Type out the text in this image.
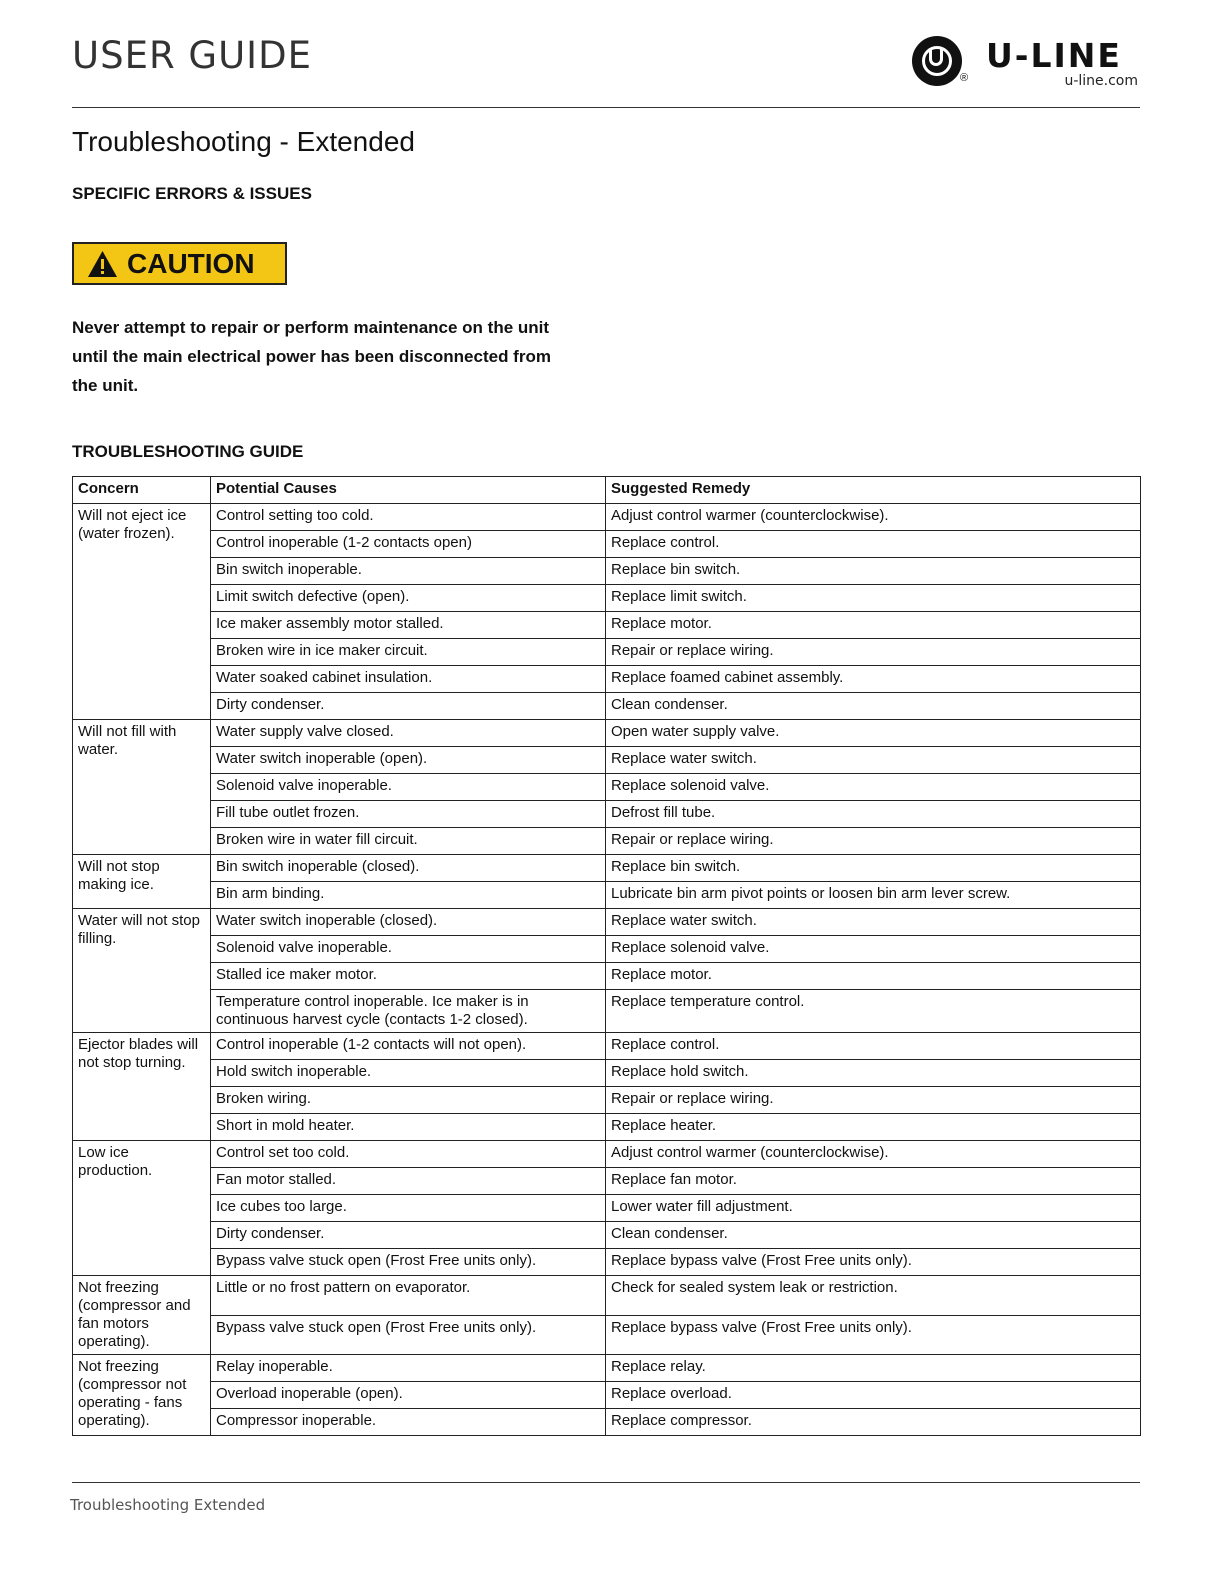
USER GUIDE
®
U-LINE
u-line.com
Troubleshooting - Extended
SPECIFIC ERRORS & ISSUES
CAUTION
Never attempt to repair or perform maintenance on the unit until the main electrical power has been disconnected from the unit.
TROUBLESHOOTING GUIDE
Concern	Potential Causes	Suggested Remedy
Will not eject ice (water frozen).	Control setting too cold.	Adjust control warmer (counterclockwise).
	Control inoperable (1-2 contacts open)	Replace control.
	Bin switch inoperable.	Replace bin switch.
	Limit switch defective (open).	Replace limit switch.
	Ice maker assembly motor stalled.	Replace motor.
	Broken wire in ice maker circuit.	Repair or replace wiring.
	Water soaked cabinet insulation.	Replace foamed cabinet assembly.
	Dirty condenser.	Clean condenser.
Will not fill with water.	Water supply valve closed.	Open water supply valve.
	Water switch inoperable (open).	Replace water switch.
	Solenoid valve inoperable.	Replace solenoid valve.
	Fill tube outlet frozen.	Defrost fill tube.
	Broken wire in water fill circuit.	Repair or replace wiring.
Will not stop making ice.	Bin switch inoperable (closed).	Replace bin switch.
	Bin arm binding.	Lubricate bin arm pivot points or loosen bin arm lever screw.
Water will not stop filling.	Water switch inoperable (closed).	Replace water switch.
	Solenoid valve inoperable.	Replace solenoid valve.
	Stalled ice maker motor.	Replace motor.
	Temperature control inoperable. Ice maker is in continuous harvest cycle (contacts 1-2 closed).	Replace temperature control.
Ejector blades will not stop turning.	Control inoperable (1-2 contacts will not open).	Replace control.
	Hold switch inoperable.	Replace hold switch.
	Broken wiring.	Repair or replace wiring.
	Short in mold heater.	Replace heater.
Low ice production.	Control set too cold.	Adjust control warmer (counterclockwise).
	Fan motor stalled.	Replace fan motor.
	Ice cubes too large.	Lower water fill adjustment.
	Dirty condenser.	Clean condenser.
	Bypass valve stuck open (Frost Free units only).	Replace bypass valve (Frost Free units only).
Not freezing (compressor and fan motors operating).	Little or no frost pattern on evaporator.	Check for sealed system leak or restriction.
	Bypass valve stuck open (Frost Free units only).	Replace bypass valve (Frost Free units only).
Not freezing (compressor not operating - fans operating).	Relay inoperable.	Replace relay.
	Overload inoperable (open).	Replace overload.
	Compressor inoperable.	Replace compressor.
Troubleshooting Extended
